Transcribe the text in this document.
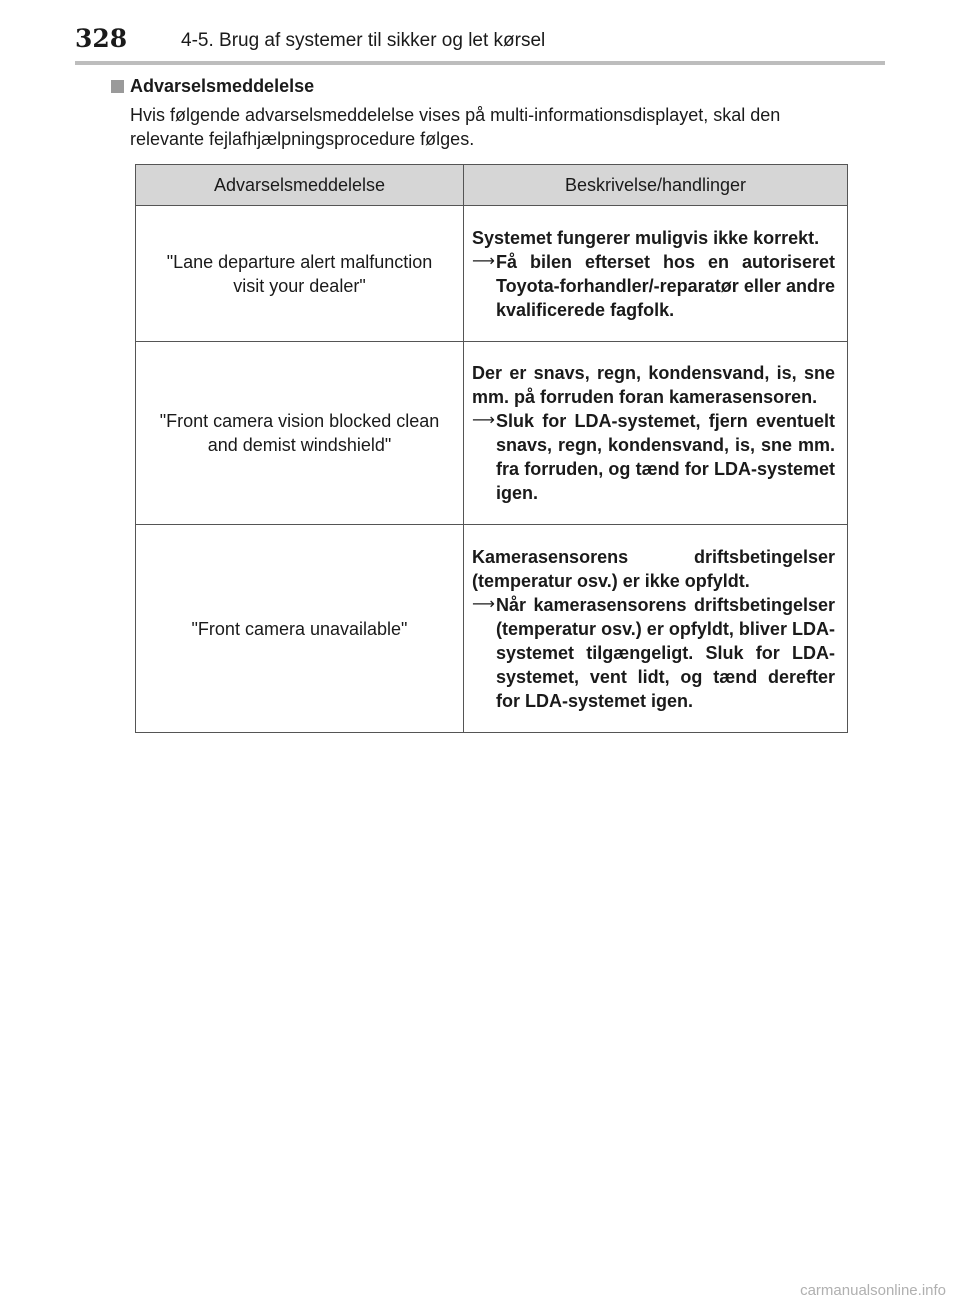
328	4-5. Brug af systemer til sikker og let kørsel
Advarselsmeddelelse
Hvis følgende advarselsmeddelelse vises på multi-informationsdisplayet, skal den relevante fejlafhjælpningsprocedure følges.
Advarselsmeddelelse	Beskrivelse/handlinger
"Lane departure alert malfunction visit your dealer"	Systemet fungerer muligvis ikke korrekt.
⟶ Få bilen efterset hos en autoriseret Toyota-forhandler/-reparatør eller andre kvalificerede fagfolk.

"Front camera vision blocked clean and demist windshield"	Der er snavs, regn, kondensvand, is, sne mm. på forruden foran kamerasensoren.
⟶ Sluk for LDA-systemet, fjern eventuelt snavs, regn, kondensvand, is, sne mm. fra forruden, og tænd for LDA-systemet igen.

"Front camera unavailable"	Kamerasensorens driftsbetingelser (temperatur osv.) er ikke opfyldt.
⟶ Når kamerasensorens driftsbetingelser (temperatur osv.) er opfyldt, bliver LDA-systemet tilgængeligt. Sluk for LDA-systemet, vent lidt, og tænd derefter for LDA-systemet igen.
carmanualsonline.info
